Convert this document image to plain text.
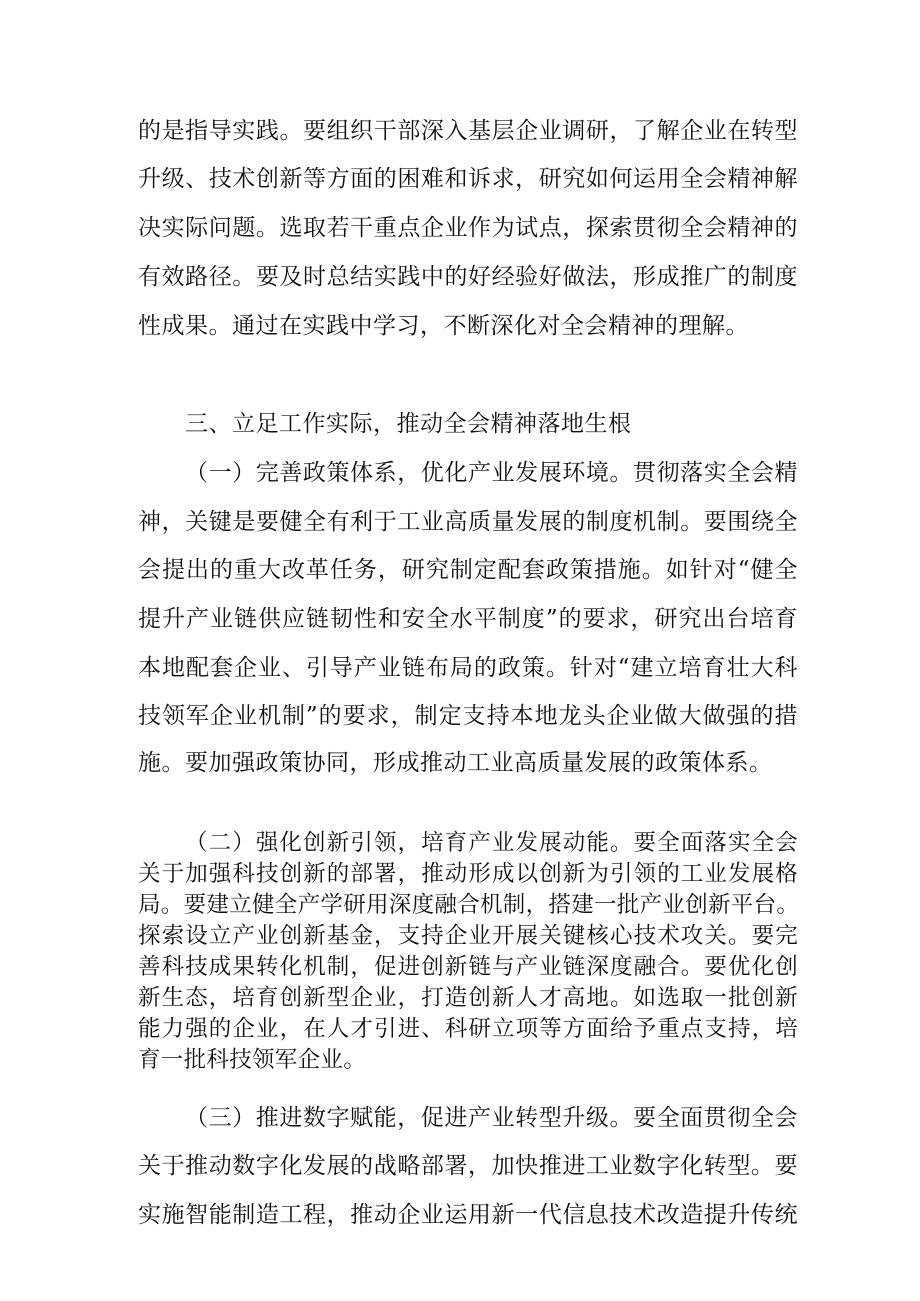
的是指导实践。要组织干部深入基层企业调研，了解企业在转型
升级、技术创新等方面的困难和诉求，研究如何运用全会精神解
决实际问题。选取若干重点企业作为试点，探索贯彻全会精神的
有效路径。要及时总结实践中的好经验好做法，形成推广的制度
性成果。通过在实践中学习，不断深化对全会精神的理解。
三、立足工作实际，推动全会精神落地生根
（一）完善政策体系，优化产业发展环境。贯彻落实全会精
神，关键是要健全有利于工业高质量发展的制度机制。要围绕全
会提出的重大改革任务，研究制定配套政策措施。如针对“健全
提升产业链供应链韧性和安全水平制度”的要求，研究出台培育
本地配套企业、引导产业链布局的政策。针对“建立培育壮大科
技领军企业机制”的要求，制定支持本地龙头企业做大做强的措
施。要加强政策协同，形成推动工业高质量发展的政策体系。
（二）强化创新引领，培育产业发展动能。要全面落实全会
关于加强科技创新的部署，推动形成以创新为引领的工业发展格
局。要建立健全产学研用深度融合机制，搭建一批产业创新平台。
探索设立产业创新基金，支持企业开展关键核心技术攻关。要完
善科技成果转化机制，促进创新链与产业链深度融合。要优化创
新生态，培育创新型企业，打造创新人才高地。如选取一批创新
能力强的企业，在人才引进、科研立项等方面给予重点支持，培
育一批科技领军企业。
（三）推进数字赋能，促进产业转型升级。要全面贯彻全会
关于推动数字化发展的战略部署，加快推进工业数字化转型。要
实施智能制造工程，推动企业运用新一代信息技术改造提升传统
